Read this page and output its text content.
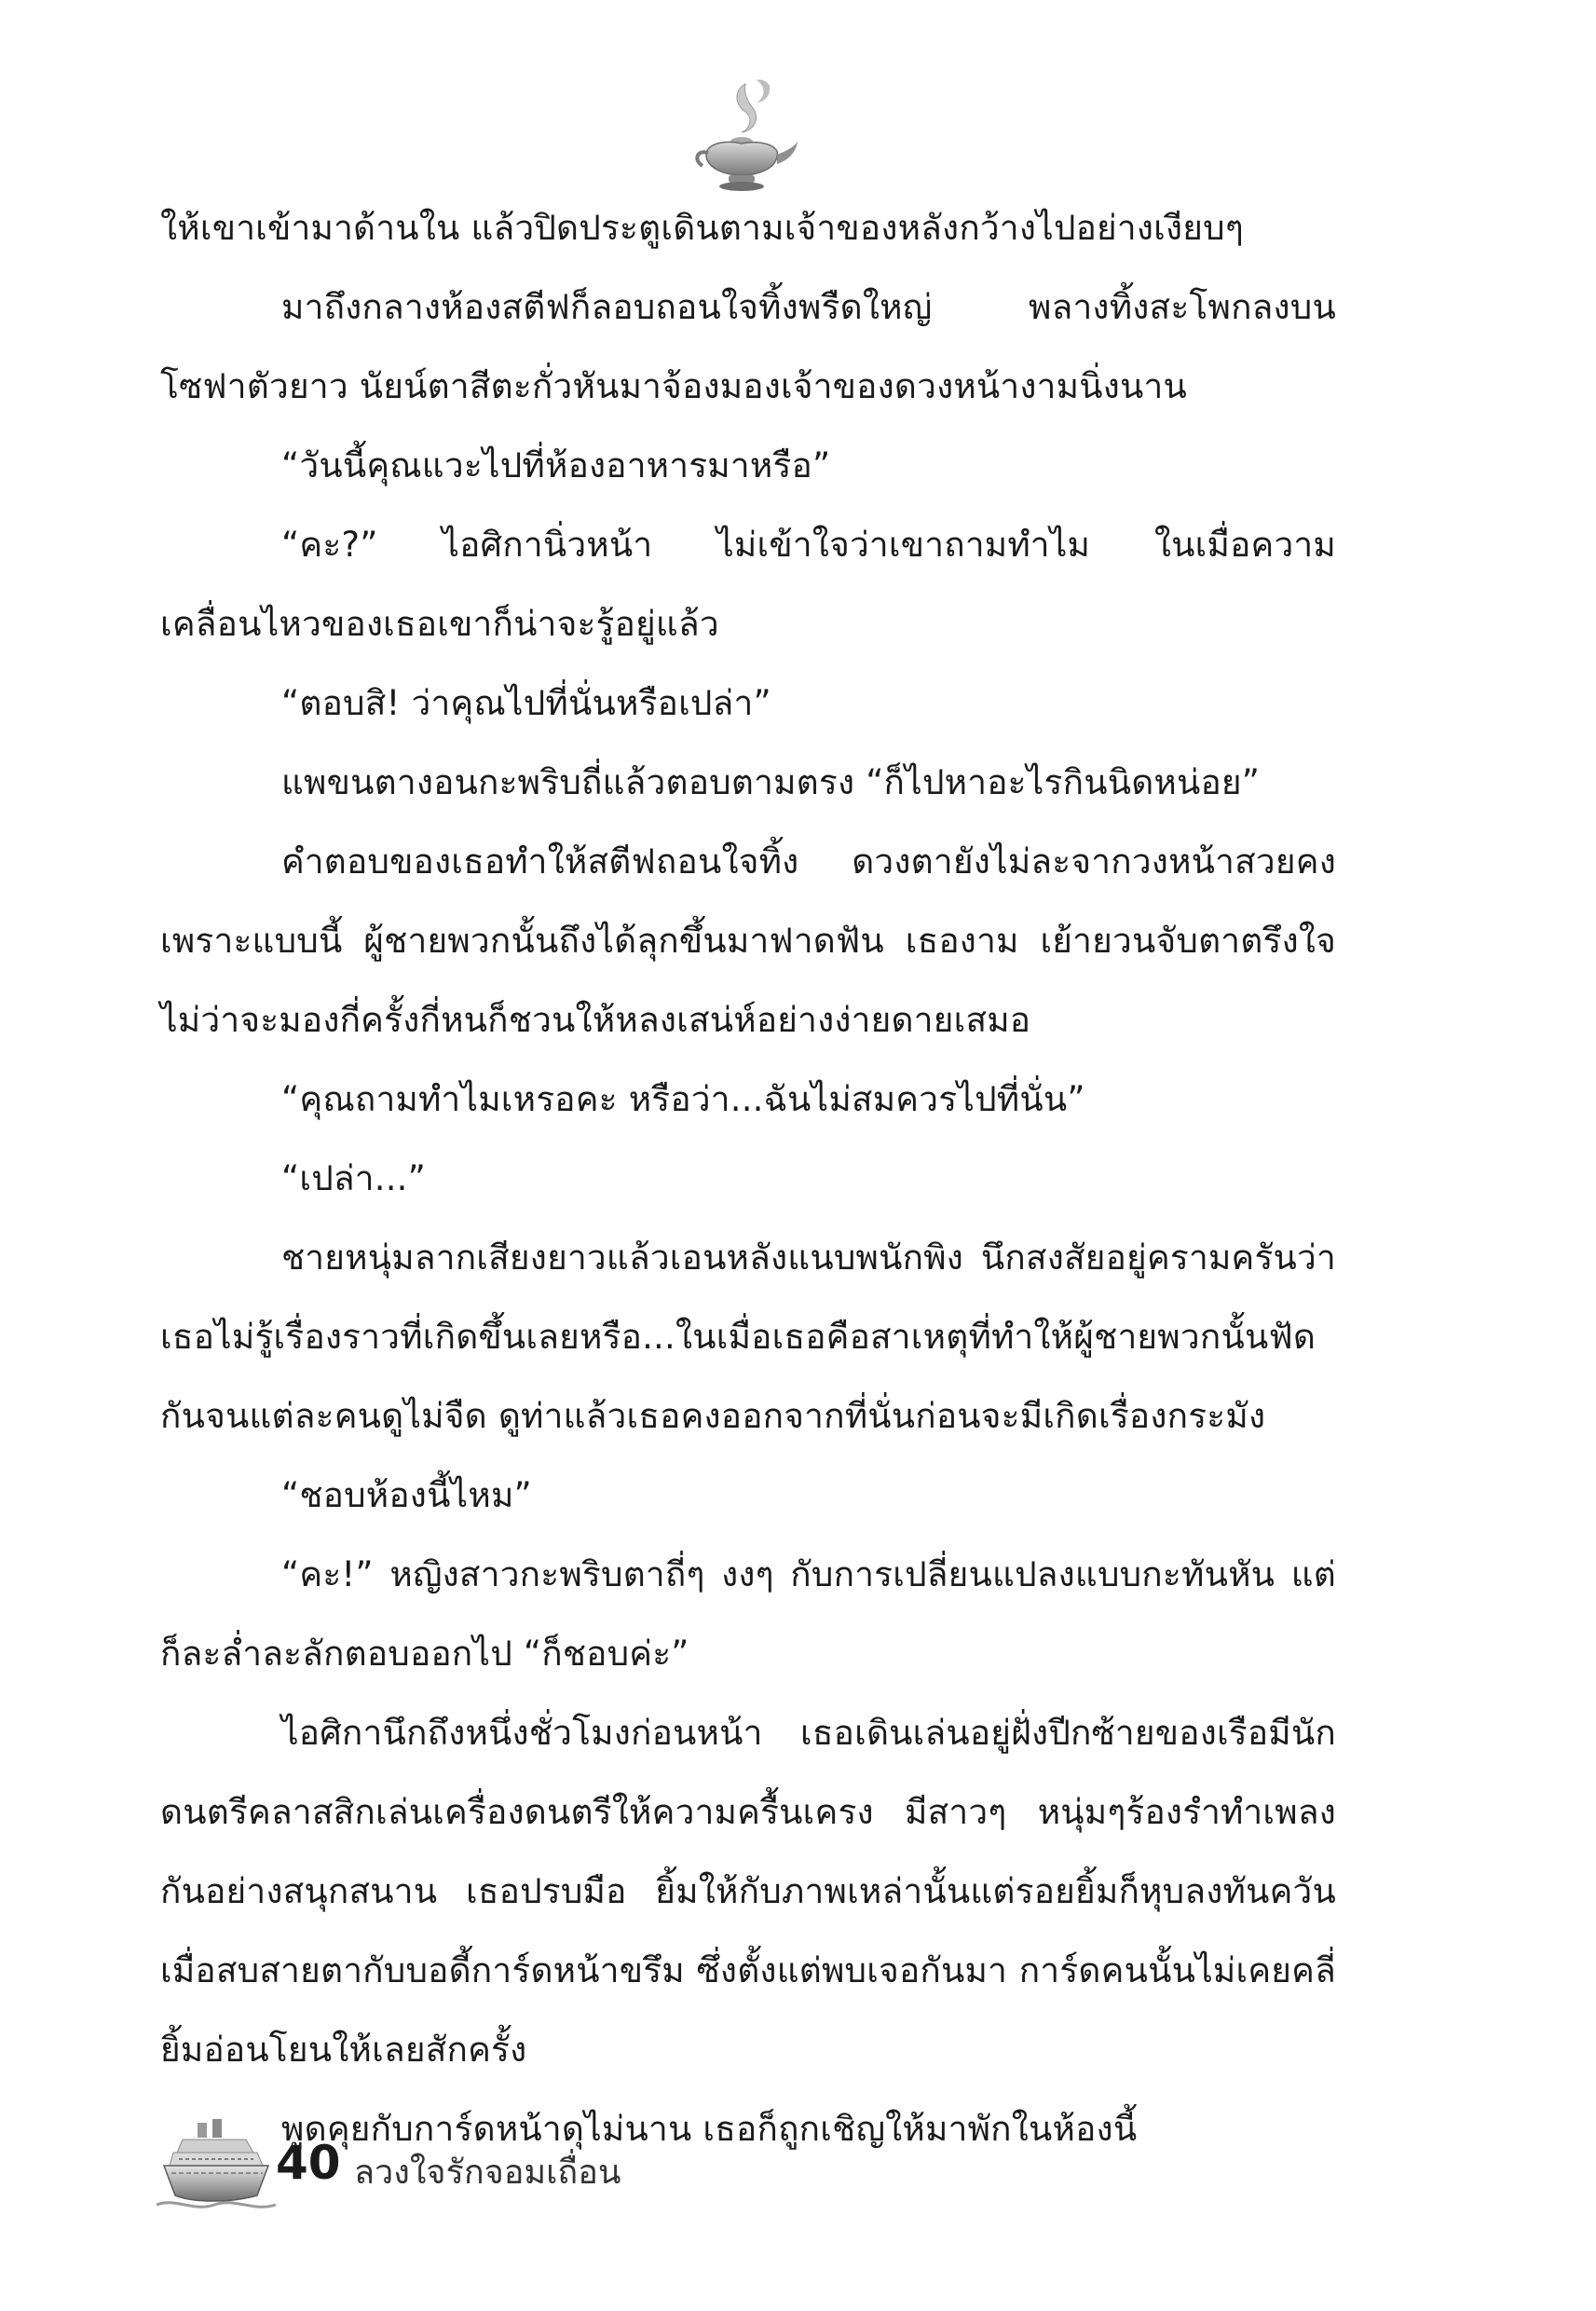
ให้เขาเข้ามาด้านใน แล้วปิดประตูเดินตามเจ้าของหลังกว้างไปอย่างเงียบๆ

มาถึงกลางห้องสตีฟก็ลอบถอนใจทิ้งพรืดใหญ่ พลางทิ้งสะโพกลงบนโซฟาตัวยาว นัยน์ตาสีตะกั่วหันมาจ้องมองเจ้าของดวงหน้างามนิ่งนาน

“วันนี้คุณแวะไปที่ห้องอาหารมาหรือ”

“คะ?” ไอศิกานิ่วหน้า ไม่เข้าใจว่าเขาถามทำไม ในเมื่อความเคลื่อนไหวของเธอเขาก็น่าจะรู้อยู่แล้ว

“ตอบสิ! ว่าคุณไปที่นั่นหรือเปล่า”

แพขนตางอนกะพริบถี่แล้วตอบตามตรง “ก็ไปหาอะไรกินนิดหน่อย”

คำตอบของเธอทำให้สตีฟถอนใจทิ้ง ดวงตายังไม่ละจากวงหน้าสวยคงเพราะแบบนี้ ผู้ชายพวกนั้นถึงได้ลุกขึ้นมาฟาดฟัน เธองาม เย้ายวนจับตาตรึงใจ ไม่ว่าจะมองกี่ครั้งกี่หนก็ชวนให้หลงเสน่ห์อย่างง่ายดายเสมอ

“คุณถามทำไมเหรอคะ หรือว่า...ฉันไม่สมควรไปที่นั่น”

“เปล่า...”

ชายหนุ่มลากเสียงยาวแล้วเอนหลังแนบพนักพิง นึกสงสัยอยู่ครามครันว่าเธอไม่รู้เรื่องราวที่เกิดขึ้นเลยหรือ...ในเมื่อเธอคือสาเหตุที่ทำให้ผู้ชายพวกนั้นฟัดกันจนแต่ละคนดูไม่จืด ดูท่าแล้วเธอคงออกจากที่นั่นก่อนจะมีเกิดเรื่องกระมัง

“ชอบห้องนี้ไหม”

“คะ!” หญิงสาวกะพริบตาถี่ๆ งงๆ กับการเปลี่ยนแปลงแบบกะทันหัน แต่ก็ละล่ำละลักตอบออกไป “ก็ชอบค่ะ”

ไอศิกานึกถึงหนึ่งชั่วโมงก่อนหน้า เธอเดินเล่นอยู่ฝั่งปีกซ้ายของเรือมีนักดนตรีคลาสสิกเล่นเครื่องดนตรีให้ความครื้นเครง มีสาวๆ หนุ่มๆร้องรำทำเพลงกันอย่างสนุกสนาน เธอปรบมือ ยิ้มให้กับภาพเหล่านั้นแต่รอยยิ้มก็หุบลงทันควันเมื่อสบสายตากับบอดี้การ์ดหน้าขรึม ซึ่งตั้งแต่พบเจอกันมา การ์ดคนนั้นไม่เคยคลี่ยิ้มอ่อนโยนให้เลยสักครั้ง

พูดคุยกับการ์ดหน้าดุไม่นาน เธอก็ถูกเชิญให้มาพักในห้องนี้

40 ลวงใจรักจอมเถื่อน
